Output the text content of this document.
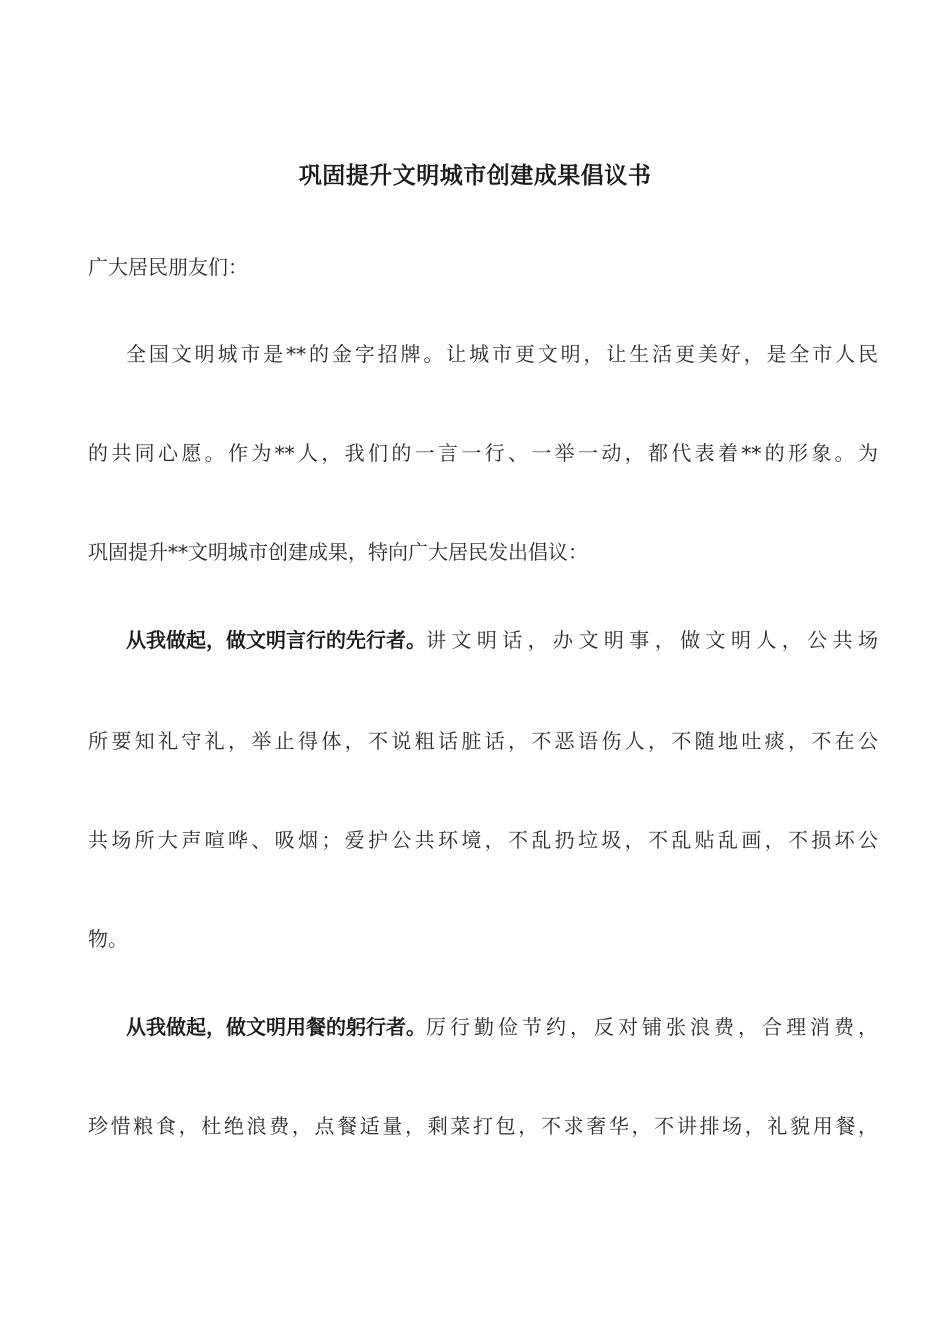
巩固提升文明城市创建成果倡议书
广大居民朋友们：
全国文明城市是**的金字招牌。让城市更文明，让生活更美好，是全市人民
的共同心愿。作为**人，我们的一言一行、一举一动，都代表着**的形象。为
巩固提升**文明城市创建成果，特向广大居民发出倡议：
从我做起，做文明言行的先行者。 讲文明话，办文明事，做文明人，公共场
所要知礼守礼，举止得体，不说粗话脏话，不恶语伤人，不随地吐痰，不在公
共场所大声喧哗、吸烟；爱护公共环境，不乱扔垃圾，不乱贴乱画，不损坏公
物。
从我做起，做文明用餐的躬行者。 厉行勤俭节约，反对铺张浪费，合理消费，
珍惜粮食，杜绝浪费，点餐适量，剩菜打包，不求奢华，不讲排场，礼貌用餐，
